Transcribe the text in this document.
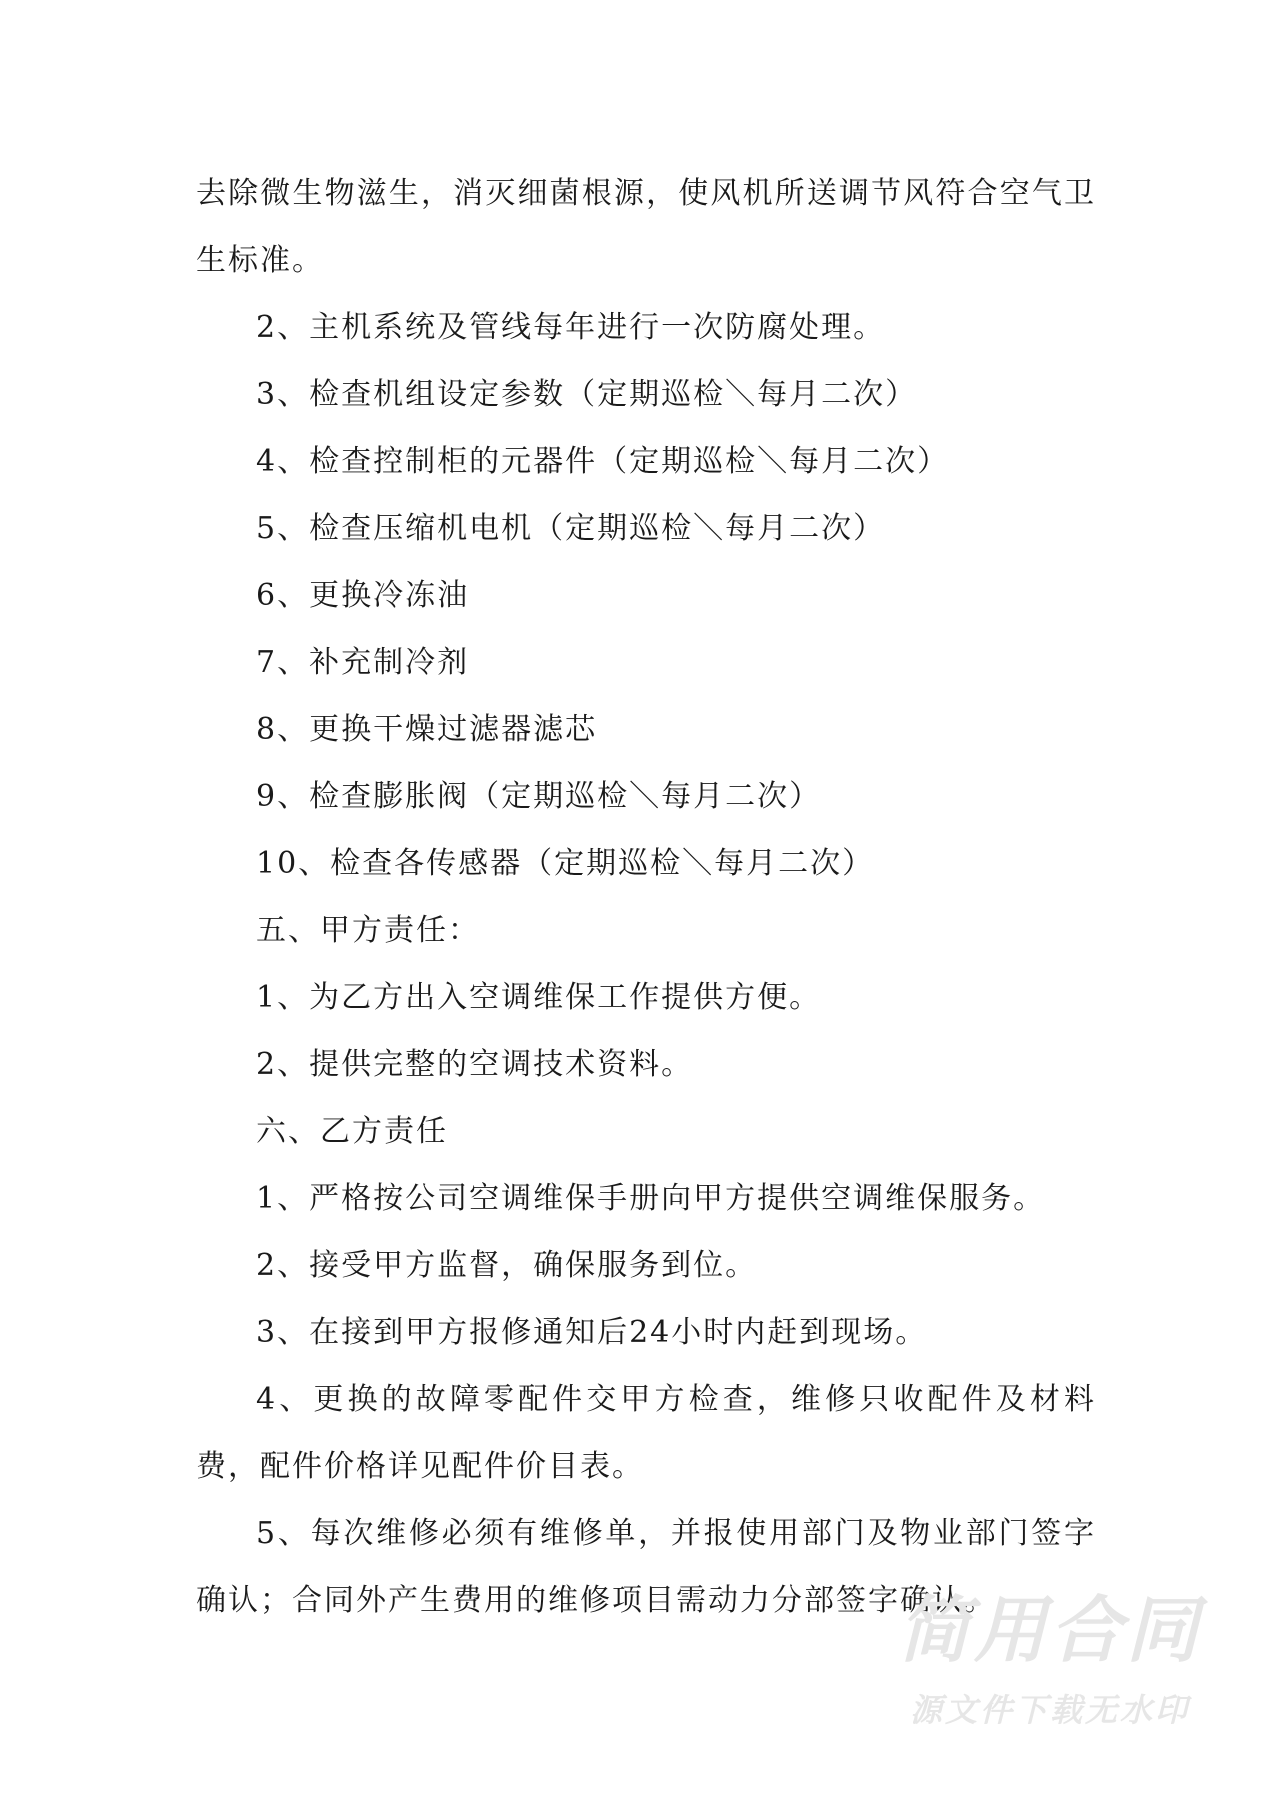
去除微生物滋生，消灭细菌根源，使风机所送调节风符合空气卫生标准。

2、主机系统及管线每年进行一次防腐处理。

3、检查机组设定参数（定期巡检＼每月二次）

4、检查控制柜的元器件（定期巡检＼每月二次）

5、检查压缩机电机（定期巡检＼每月二次）

6、更换冷冻油

7、补充制冷剂

8、更换干燥过滤器滤芯

9、检查膨胀阀（定期巡检＼每月二次）

10、检查各传感器（定期巡检＼每月二次）

五、甲方责任：

1、为乙方出入空调维保工作提供方便。

2、提供完整的空调技术资料。

六、乙方责任

1、严格按公司空调维保手册向甲方提供空调维保服务。

2、接受甲方监督，确保服务到位。

3、在接到甲方报修通知后24小时内赶到现场。

4、更换的故障零配件交甲方检查，维修只收配件及材料费，配件价格详见配件价目表。

5、每次维修必须有维修单，并报使用部门及物业部门签字确认；合同外产生费用的维修项目需动力分部签字确认。

简用合同
源文件下载无水印
